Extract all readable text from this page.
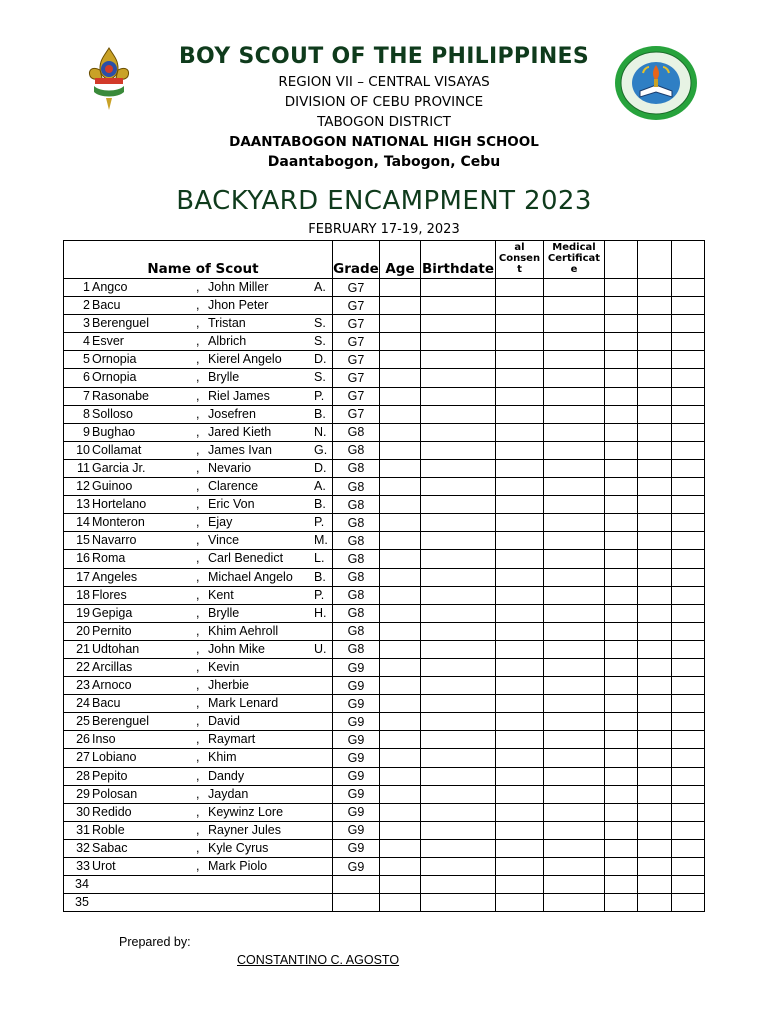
BOY SCOUT OF THE PHILIPPINES
REGION VII – CENTRAL VISAYAS
DIVISION OF CEBU PROVINCE
TABOGON DISTRICT
DAANTABOGON NATIONAL HIGH SCHOOL
Daantabogon, Tabogon, Cebu
BACKYARD ENCAMPMENT 2023
FEBRUARY 17-19, 2023
Name of Scout	Grade	Age	Birthdate	al Consen t	Medical Certificat e			

1 Angco , John Miller A.	G7							

2 Bacu , Jhon Peter	G7							

3 Berenguel , Tristan S.	G7							

4 Esver , Albrich S.	G7							

5 Ornopia , Kierel Angelo D.	G7							

6 Ornopia , Brylle S.	G7							

7 Rasonabe , Riel James P.	G7							

8 Solloso , Josefren B.	G7							

9 Bughao , Jared Kieth N.	G8							

10 Collamat , James Ivan G.	G8							

11 Garcia Jr. , Nevario D.	G8							

12 Guinoo , Clarence A.	G8							

13 Hortelano , Eric Von B.	G8							

14 Monteron , Ejay P.	G8							

15 Navarro , Vince M.	G8							

16 Roma , Carl Benedict L.	G8							

17 Angeles , Michael Angelo B.	G8							

18 Flores , Kent P.	G8							

19 Gepiga , Brylle H.	G8							

20 Pernito , Khim Aehroll	G8							

21 Udtohan , John Mike U.	G8							

22 Arcillas , Kevin	G9							

23 Arnoco , Jherbie	G9							

24 Bacu , Mark Lenard	G9							

25 Berenguel , David	G9							

26 Inso , Raymart	G9							

27 Lobiano , Khim	G9							

28 Pepito , Dandy	G9							

29 Polosan , Jaydan	G9							

30 Redido , Keywinz Lore	G9							

31 Roble , Rayner Jules	G9							

32 Sabac , Kyle Cyrus	G9							

33 Urot , Mark Piolo	G9							

34								

35								

Prepared by:
CONSTANTINO C. AGOSTO
